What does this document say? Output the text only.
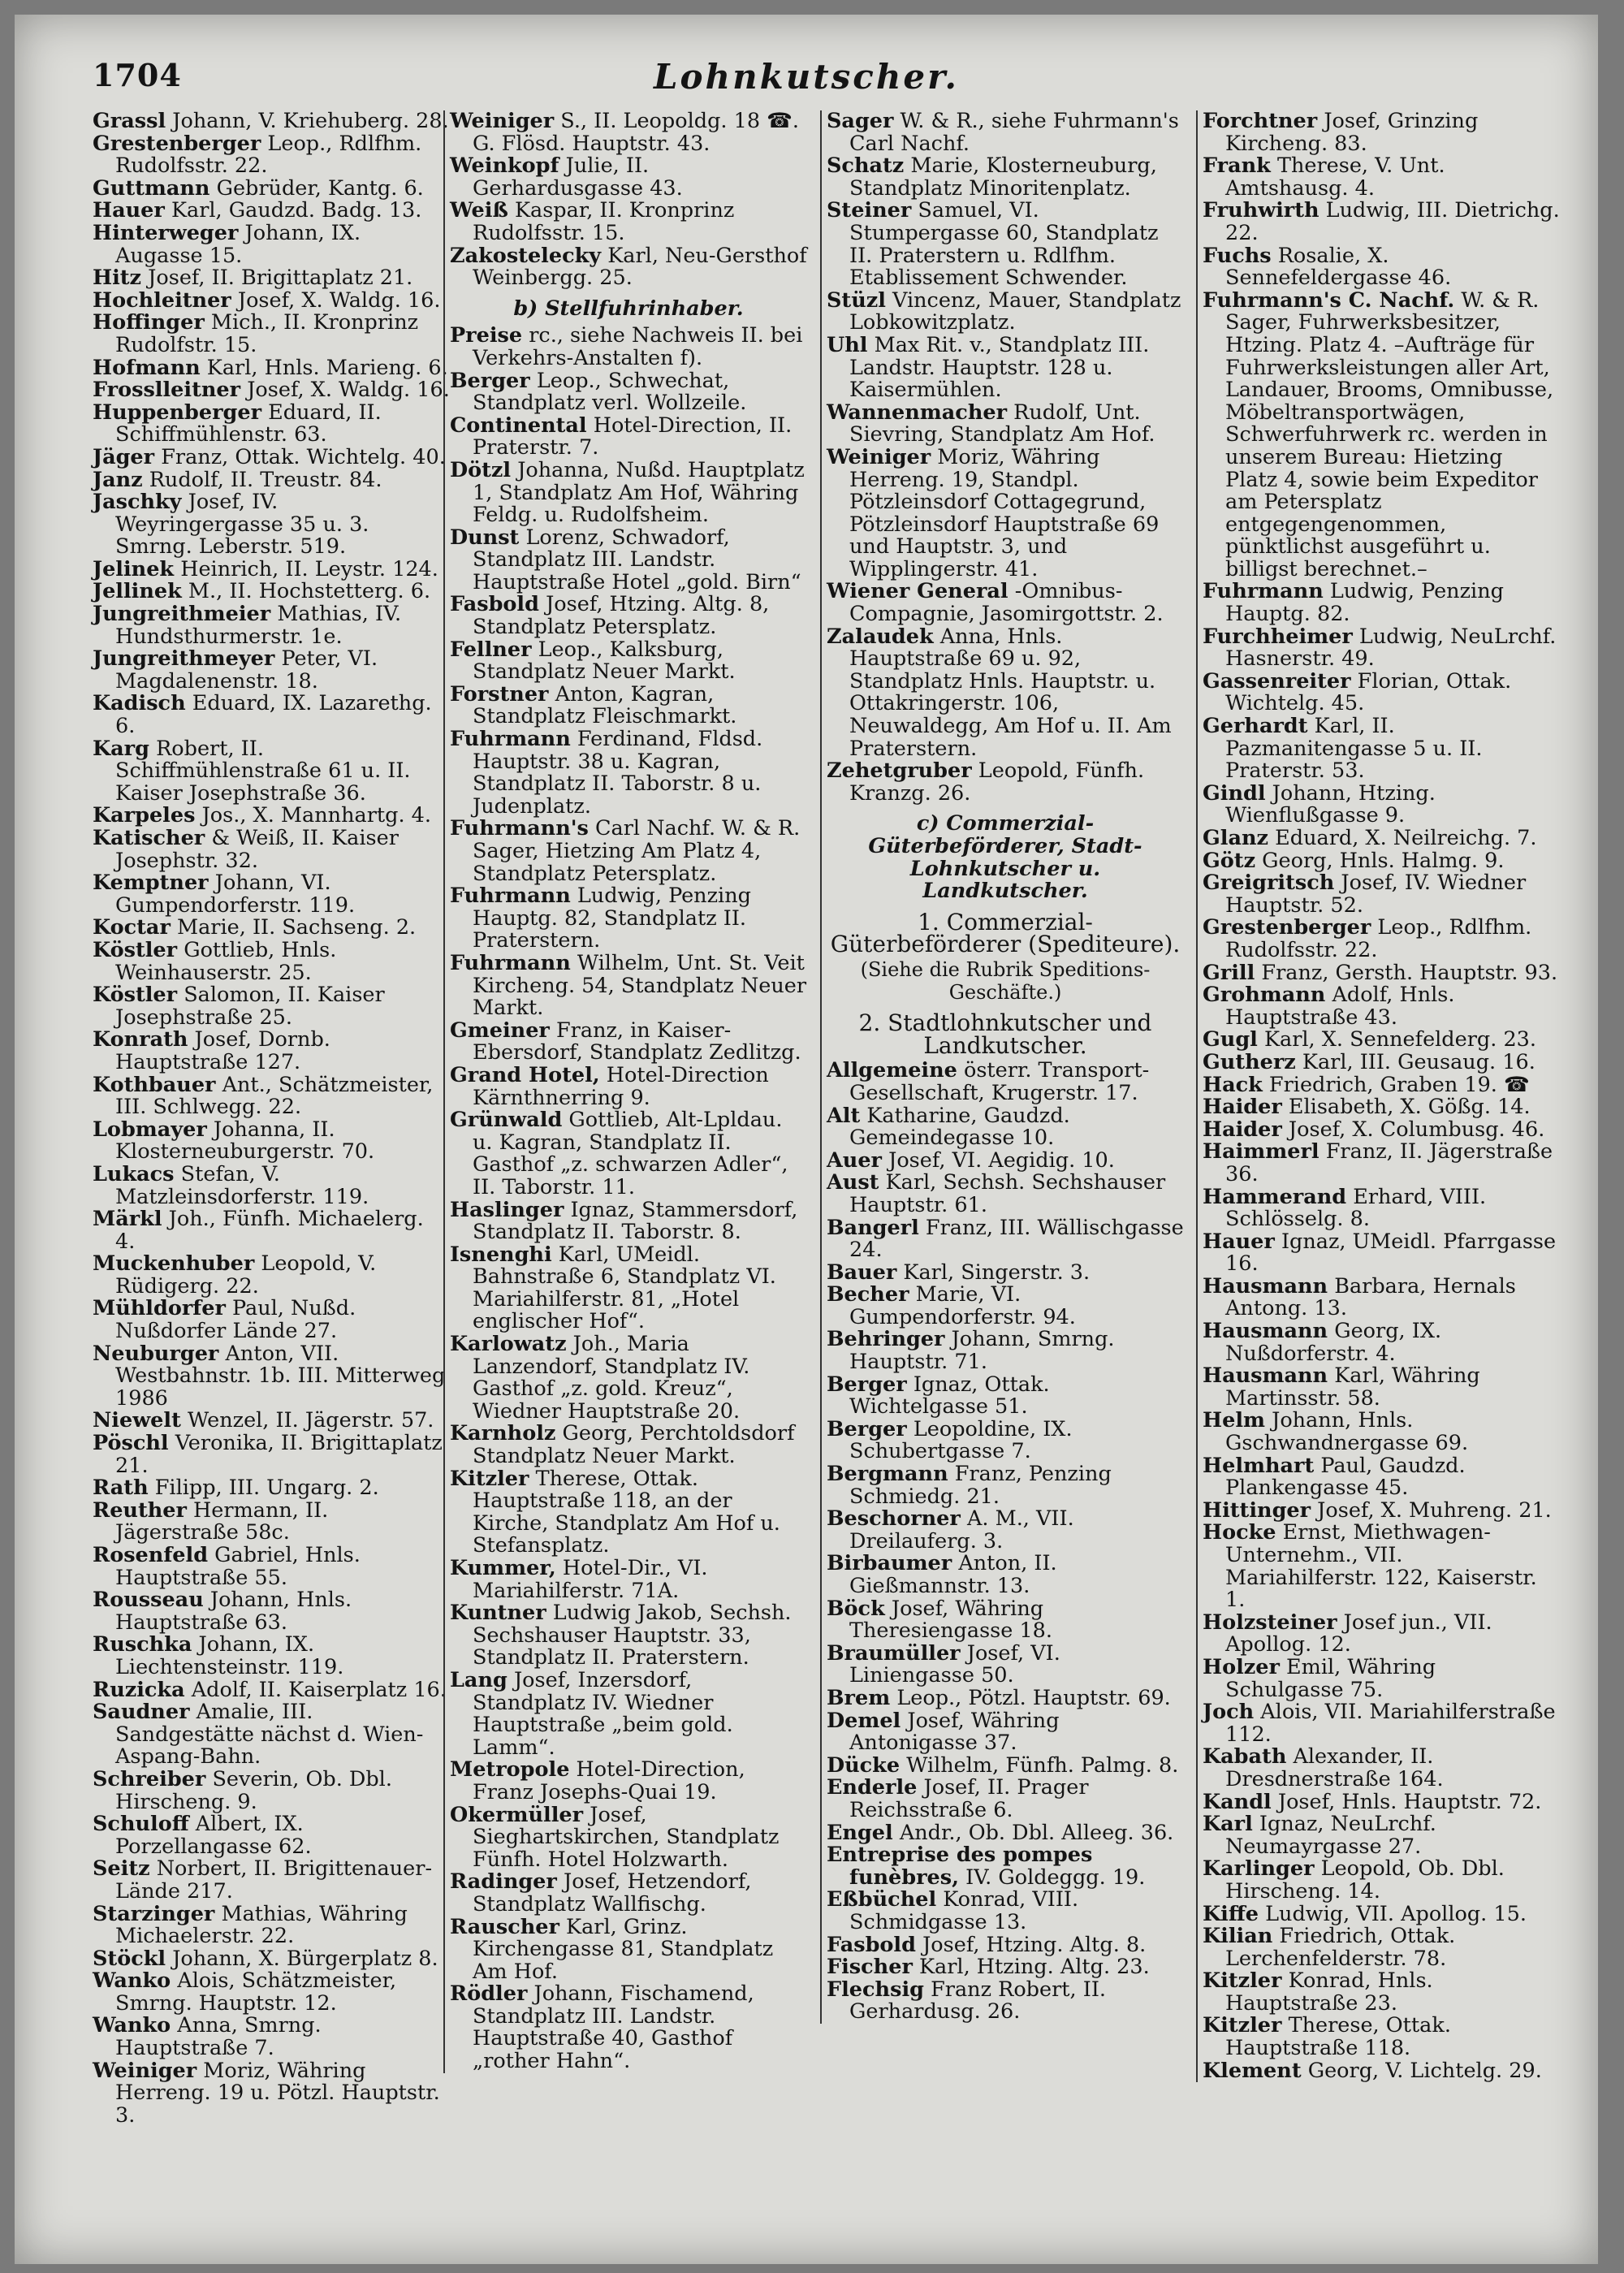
1704	Lohnkutscher.

Grassl Johann, V. Kriehuberg. 28.

Grestenberger Leop., Rdlfhm. Rudolfsstr. 22.

Guttmann Gebrüder, Kantg. 6.

Hauer Karl, Gaudzd. Badg. 13.

Hinterweger Johann, IX. Augasse 15.

Hitz Josef, II. Brigittaplatz 21.

Hochleitner Josef, X. Waldg. 16.

Hoffinger Mich., II. Kronprinz Rudolfstr. 15.

Hofmann Karl, Hnls. Marieng. 6.

Frosslleitner Josef, X. Waldg. 16.

Huppenberger Eduard, II. Schiffmühlenstr. 63.

Jäger Franz, Ottak. Wichtelg. 40.

Janz Rudolf, II. Treustr. 84.

Jaschky Josef, IV. Weyringergasse 35 u. 3. Smrng. Leberstr. 519.

Jelinek Heinrich, II. Leystr. 124.

Jellinek M., II. Hochstetterg. 6.

Jungreithmeier Mathias, IV. Hundsthurmerstr. 1e.

Jungreithmeyer Peter, VI. Magdalenenstr. 18.

Kadisch Eduard, IX. Lazarethg. 6.

Karg Robert, II. Schiffmühlenstraße 61 u. II. Kaiser Josephstraße 36.

Karpeles Jos., X. Mannhartg. 4.

Katischer & Weiß, II. Kaiser Josephstr. 32.

Kemptner Johann, VI. Gumpendorferstr. 119.

Koctar Marie, II. Sachseng. 2.

Köstler Gottlieb, Hnls. Weinhauserstr. 25.

Köstler Salomon, II. Kaiser Josephstraße 25.

Konrath Josef, Dornb. Hauptstraße 127.

Kothbauer Ant., Schätzmeister, III. Schlwegg. 22.

Lobmayer Johanna, II. Klosterneuburgerstr. 70.

Lukacs Stefan, V. Matzleinsdorferstr. 119.

Märkl Joh., Fünfh. Michaelerg. 4.

Muckenhuber Leopold, V. Rüdigerg. 22.

Mühldorfer Paul, Nußd. Nußdorfer Lände 27.

Neuburger Anton, VII. Westbahnstr. 1b. III. Mitterweg 1986

Niewelt Wenzel, II. Jägerstr. 57.

Pöschl Veronika, II. Brigittaplatz 21.

Rath Filipp, III. Ungarg. 2.

Reuther Hermann, II. Jägerstraße 58c.

Rosenfeld Gabriel, Hnls. Hauptstraße 55.

Rousseau Johann, Hnls. Hauptstraße 63.

Ruschka Johann, IX. Liechtensteinstr. 119.

Ruzicka Adolf, II. Kaiserplatz 16.

Saudner Amalie, III. Sandgestätte nächst d. Wien-Aspang-Bahn.

Schreiber Severin, Ob. Dbl. Hirscheng. 9.

Schuloff Albert, IX. Porzellangasse 62.

Seitz Norbert, II. Brigittenauer-Lände 217.

Starzinger Mathias, Währing Michaelerstr. 22.

Stöckl Johann, X. Bürgerplatz 8.

Wanko Alois, Schätzmeister, Smrng. Hauptstr. 12.

Wanko Anna, Smrng. Hauptstraße 7.

Weiniger Moriz, Währing Herreng. 19 u. Pötzl. Hauptstr. 3.

Weiniger S., II. Leopoldg. 18 ☎. G. Flösd. Hauptstr. 43.

Weinkopf Julie, II. Gerhardusgasse 43.

Weiß Kaspar, II. Kronprinz Rudolfsstr. 15.

Zakostelecky Karl, Neu-Gersthof Weinbergg. 25.

b) Stellfuhrinhaber.

Preise rc., siehe Nachweis II. bei Verkehrs-Anstalten f).

Berger Leop., Schwechat, Standplatz verl. Wollzeile.

Continental Hotel-Direction, II. Praterstr. 7.

Dötzl Johanna, Nußd. Hauptplatz 1, Standplatz Am Hof, Währing Feldg. u. Rudolfsheim.

Dunst Lorenz, Schwadorf, Standplatz III. Landstr. Hauptstraße Hotel „gold. Birn“

Fasbold Josef, Htzing. Altg. 8, Standplatz Petersplatz.

Fellner Leop., Kalksburg, Standplatz Neuer Markt.

Forstner Anton, Kagran, Standplatz Fleischmarkt.

Fuhrmann Ferdinand, Fldsd. Hauptstr. 38 u. Kagran, Standplatz II. Taborstr. 8 u. Judenplatz.

Fuhrmann's Carl Nachf. W. & R. Sager, Hietzing Am Platz 4, Standplatz Petersplatz.

Fuhrmann Ludwig, Penzing Hauptg. 82, Standplatz II. Praterstern.

Fuhrmann Wilhelm, Unt. St. Veit Kircheng. 54, Standplatz Neuer Markt.

Gmeiner Franz, in Kaiser-Ebersdorf, Standplatz Zedlitzg.

Grand Hotel, Hotel-Direction Kärnthnerring 9.

Grünwald Gottlieb, Alt-Lpldau. u. Kagran, Standplatz II. Gasthof „z. schwarzen Adler“, II. Taborstr. 11.

Haslinger Ignaz, Stammersdorf, Standplatz II. Taborstr. 8.

Isnenghi Karl, UMeidl. Bahnstraße 6, Standplatz VI. Mariahilferstr. 81, „Hotel englischer Hof“.

Karlowatz Joh., Maria Lanzendorf, Standplatz IV. Gasthof „z. gold. Kreuz“, Wiedner Hauptstraße 20.

Karnholz Georg, Perchtoldsdorf Standplatz Neuer Markt.

Kitzler Therese, Ottak. Hauptstraße 118, an der Kirche, Standplatz Am Hof u. Stefansplatz.

Kummer, Hotel-Dir., VI. Mariahilferstr. 71A.

Kuntner Ludwig Jakob, Sechsh. Sechshauser Hauptstr. 33, Standplatz II. Praterstern.

Lang Josef, Inzersdorf, Standplatz IV. Wiedner Hauptstraße „beim gold. Lamm“.

Metropole Hotel-Direction, Franz Josephs-Quai 19.

Okermüller Josef, Sieghartskirchen, Standplatz Fünfh. Hotel Holzwarth.

Radinger Josef, Hetzendorf, Standplatz Wallfischg.

Rauscher Karl, Grinz. Kirchengasse 81, Standplatz Am Hof.

Rödler Johann, Fischamend, Standplatz III. Landstr. Hauptstraße 40, Gasthof „rother Hahn“.

Sager W. & R., siehe Fuhrmann's Carl Nachf.

Schatz Marie, Klosterneuburg, Standplatz Minoritenplatz.

Steiner Samuel, VI. Stumpergasse 60, Standplatz II. Praterstern u. Rdlfhm. Etablissement Schwender.

Stüzl Vincenz, Mauer, Standplatz Lobkowitzplatz.

Uhl Max Rit. v., Standplatz III. Landstr. Hauptstr. 128 u. Kaisermühlen.

Wannenmacher Rudolf, Unt. Sievring, Standplatz Am Hof.

Weiniger Moriz, Währing Herreng. 19, Standpl. Pötzleinsdorf Cottagegrund, Pötzleinsdorf Hauptstraße 69 und Hauptstr. 3, und Wipplingerstr. 41.

Wiener General -Omnibus-Compagnie, Jasomirgottstr. 2.

Zalaudek Anna, Hnls. Hauptstraße 69 u. 92, Standplatz Hnls. Hauptstr. u. Ottakringerstr. 106, Neuwaldegg, Am Hof u. II. Am Praterstern.

Zehetgruber Leopold, Fünfh. Kranzg. 26.

c) Commerzial-Güterbeförderer, Stadt-Lohnkutscher u. Landkutscher.
1. Commerzial-Güterbeförderer (Spediteure).
(Siehe die Rubrik Speditions-Geschäfte.)
2. Stadtlohnkutscher und Landkutscher.

Allgemeine österr. Transport-Gesellschaft, Krugerstr. 17.

Alt Katharine, Gaudzd. Gemeindegasse 10.

Auer Josef, VI. Aegidig. 10.

Aust Karl, Sechsh. Sechshauser Hauptstr. 61.

Bangerl Franz, III. Wällischgasse 24.

Bauer Karl, Singerstr. 3.

Becher Marie, VI. Gumpendorferstr. 94.

Behringer Johann, Smrng. Hauptstr. 71.

Berger Ignaz, Ottak. Wichtelgasse 51.

Berger Leopoldine, IX. Schubertgasse 7.

Bergmann Franz, Penzing Schmiedg. 21.

Beschorner A. M., VII. Dreilauferg. 3.

Birbaumer Anton, II. Gießmannstr. 13.

Böck Josef, Währing Theresiengasse 18.

Braumüller Josef, VI. Liniengasse 50.

Brem Leop., Pötzl. Hauptstr. 69.

Demel Josef, Währing Antonigasse 37.

Dücke Wilhelm, Fünfh. Palmg. 8.

Enderle Josef, II. Prager Reichsstraße 6.

Engel Andr., Ob. Dbl. Alleeg. 36.

Entreprise des pompes funèbres, IV. Goldeggg. 19.

Eßbüchel Konrad, VIII. Schmidgasse 13.

Fasbold Josef, Htzing. Altg. 8.

Fischer Karl, Htzing. Altg. 23.

Flechsig Franz Robert, II. Gerhardusg. 26.

Forchtner Josef, Grinzing Kircheng. 83.

Frank Therese, V. Unt. Amtshausg. 4.

Fruhwirth Ludwig, III. Dietrichg. 22.

Fuchs Rosalie, X. Sennefeldergasse 46.

Fuhrmann's C. Nachf. W. & R. Sager, Fuhrwerksbesitzer, Htzing. Platz 4. –Aufträge für Fuhrwerksleistungen aller Art, Landauer, Brooms, Omnibusse, Möbeltransportwägen, Schwerfuhrwerk rc. werden in unserem Bureau: Hietzing Platz 4, sowie beim Expeditor am Petersplatz entgegengenommen, pünktlichst ausgeführt u. billigst berechnet.–

Fuhrmann Ludwig, Penzing Hauptg. 82.

Furchheimer Ludwig, NeuLrchf. Hasnerstr. 49.

Gassenreiter Florian, Ottak. Wichtelg. 45.

Gerhardt Karl, II. Pazmanitengasse 5 u. II. Praterstr. 53.

Gindl Johann, Htzing. Wienflußgasse 9.

Glanz Eduard, X. Neilreichg. 7.

Götz Georg, Hnls. Halmg. 9.

Greigritsch Josef, IV. Wiedner Hauptstr. 52.

Grestenberger Leop., Rdlfhm. Rudolfsstr. 22.

Grill Franz, Gersth. Hauptstr. 93.

Grohmann Adolf, Hnls. Hauptstraße 43.

Gugl Karl, X. Sennefelderg. 23.

Gutherz Karl, III. Geusaug. 16.

Hack Friedrich, Graben 19. ☎

Haider Elisabeth, X. Gößg. 14.

Haider Josef, X. Columbusg. 46.

Haimmerl Franz, II. Jägerstraße 36.

Hammerand Erhard, VIII. Schlösselg. 8.

Hauer Ignaz, UMeidl. Pfarrgasse 16.

Hausmann Barbara, Hernals Antong. 13.

Hausmann Georg, IX. Nußdorferstr. 4.

Hausmann Karl, Währing Martinsstr. 58.

Helm Johann, Hnls. Gschwandnergasse 69.

Helmhart Paul, Gaudzd. Plankengasse 45.

Hittinger Josef, X. Muhreng. 21.

Hocke Ernst, Miethwagen-Unternehm., VII. Mariahilferstr. 122, Kaiserstr. 1.

Holzsteiner Josef jun., VII. Apollog. 12.

Holzer Emil, Währing Schulgasse 75.

Joch Alois, VII. Mariahilferstraße 112.

Kabath Alexander, II. Dresdnerstraße 164.

Kandl Josef, Hnls. Hauptstr. 72.

Karl Ignaz, NeuLrchf. Neumayrgasse 27.

Karlinger Leopold, Ob. Dbl. Hirscheng. 14.

Kiffe Ludwig, VII. Apollog. 15.

Kilian Friedrich, Ottak. Lerchenfelderstr. 78.

Kitzler Konrad, Hnls. Hauptstraße 23.

Kitzler Therese, Ottak. Hauptstraße 118.

Klement Georg, V. Lichtelg. 29.
